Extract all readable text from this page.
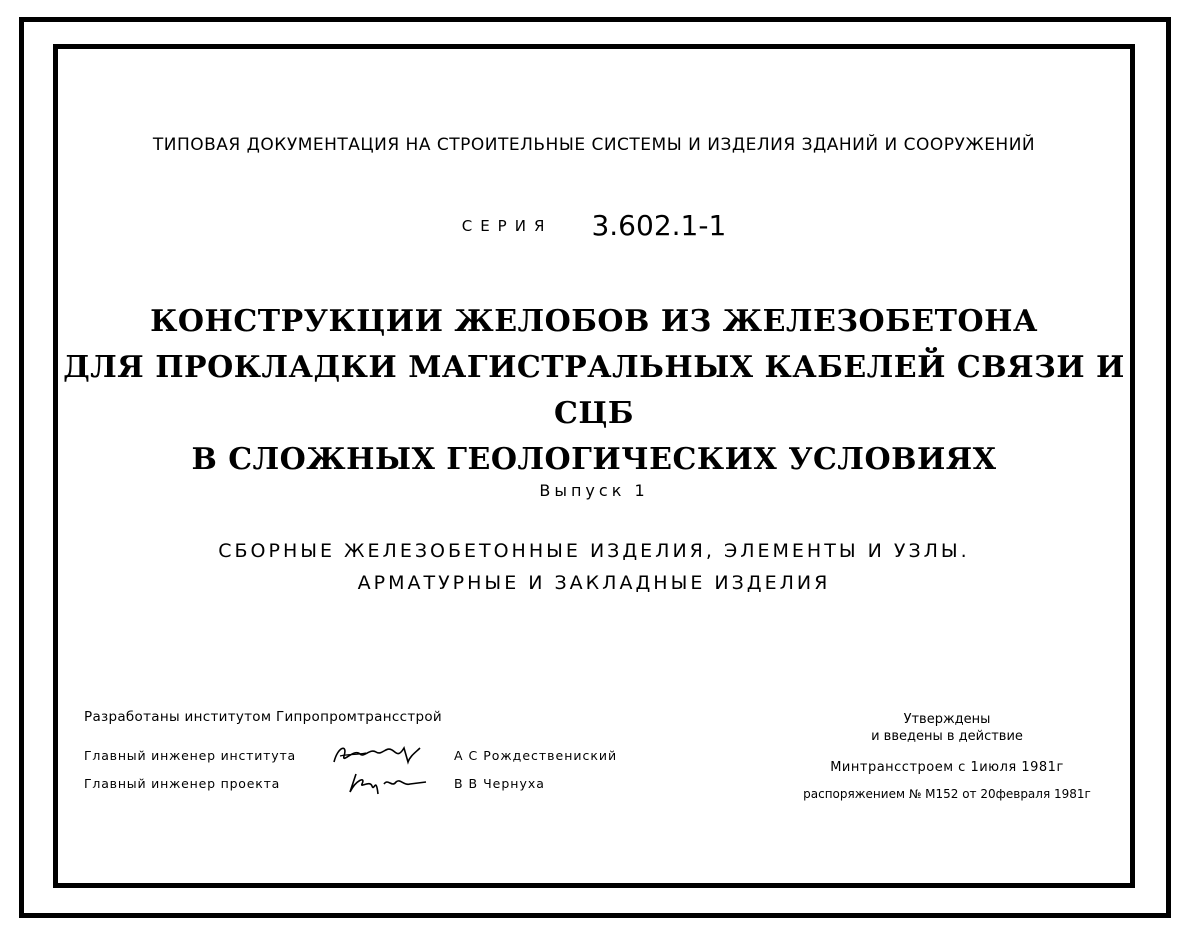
ТИПОВАЯ ДОКУМЕНТАЦИЯ НА СТРОИТЕЛЬНЫЕ СИСТЕМЫ И ИЗДЕЛИЯ ЗДАНИЙ И СООРУЖЕНИЙ
СЕРИЯ 3.602.1-1
КОНСТРУКЦИИ ЖЕЛОБОВ ИЗ ЖЕЛЕЗОБЕТОНА
ДЛЯ ПРОКЛАДКИ МАГИСТРАЛЬНЫХ КАБЕЛЕЙ СВЯЗИ И СЦБ
В СЛОЖНЫХ ГЕОЛОГИЧЕСКИХ УСЛОВИЯХ
Выпуск 1
СБОРНЫЕ ЖЕЛЕЗОБЕТОННЫЕ ИЗДЕЛИЯ, ЭЛЕМЕНТЫ И УЗЛЫ.
АРМАТУРНЫЕ И ЗАКЛАДНЫЕ ИЗДЕЛИЯ
Разработаны институтом Гипропромтрансстрой
Главный инженер института	А С Рождествениский
Главный инженер проекта	В В Чернуха
Утверждены
и введены в действие
Минтрансстроем с 1июля 1981г
распоряжением № М152 от 20февраля 1981г
